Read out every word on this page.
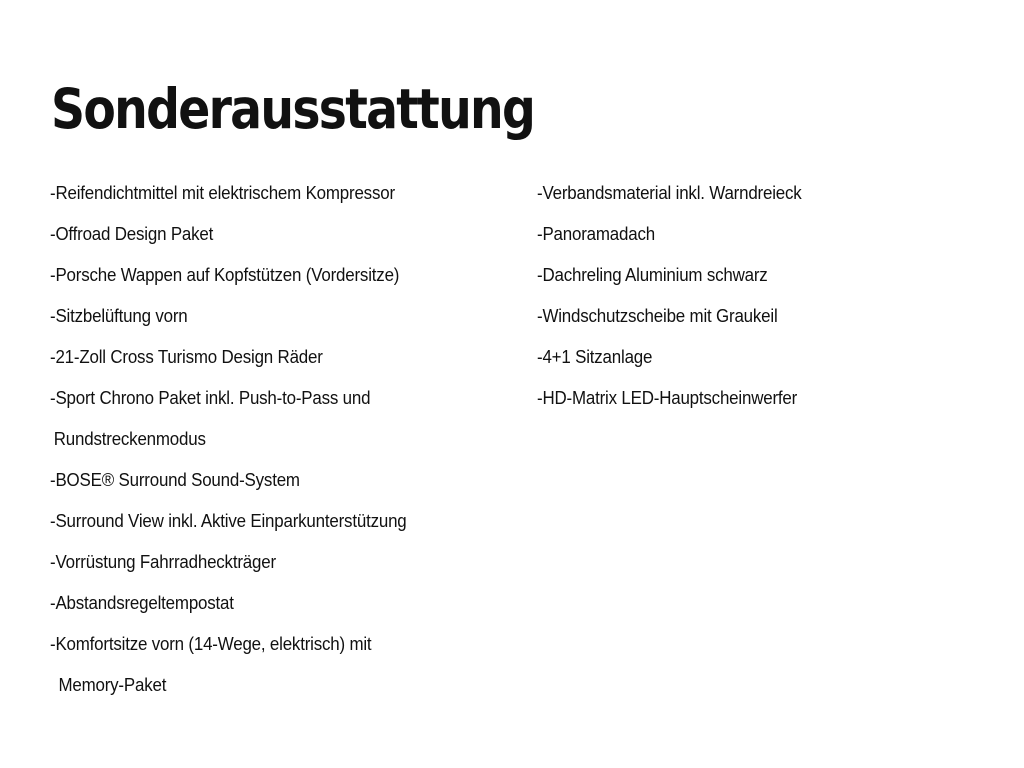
Sonderausstattung
-Reifendichtmittel mit elektrischem Kompressor
-Offroad Design Paket
-Porsche Wappen auf Kopfstützen (Vordersitze)
-Sitzbelüftung vorn
-21-Zoll Cross Turismo Design Räder
-Sport Chrono Paket inkl. Push-to-Pass und
Rundstreckenmodus
-BOSE® Surround Sound-System
-Surround View inkl. Aktive Einparkunterstützung
-Vorrüstung Fahrradheckträger
-Abstandsregeltempostat
-Komfortsitze vorn (14-Wege, elektrisch) mit
Memory-Paket
-Verbandsmaterial inkl. Warndreieck
-Panoramadach
-Dachreling Aluminium schwarz
-Windschutzscheibe mit Graukeil
-4+1 Sitzanlage
-HD-Matrix LED-Hauptscheinwerfer
